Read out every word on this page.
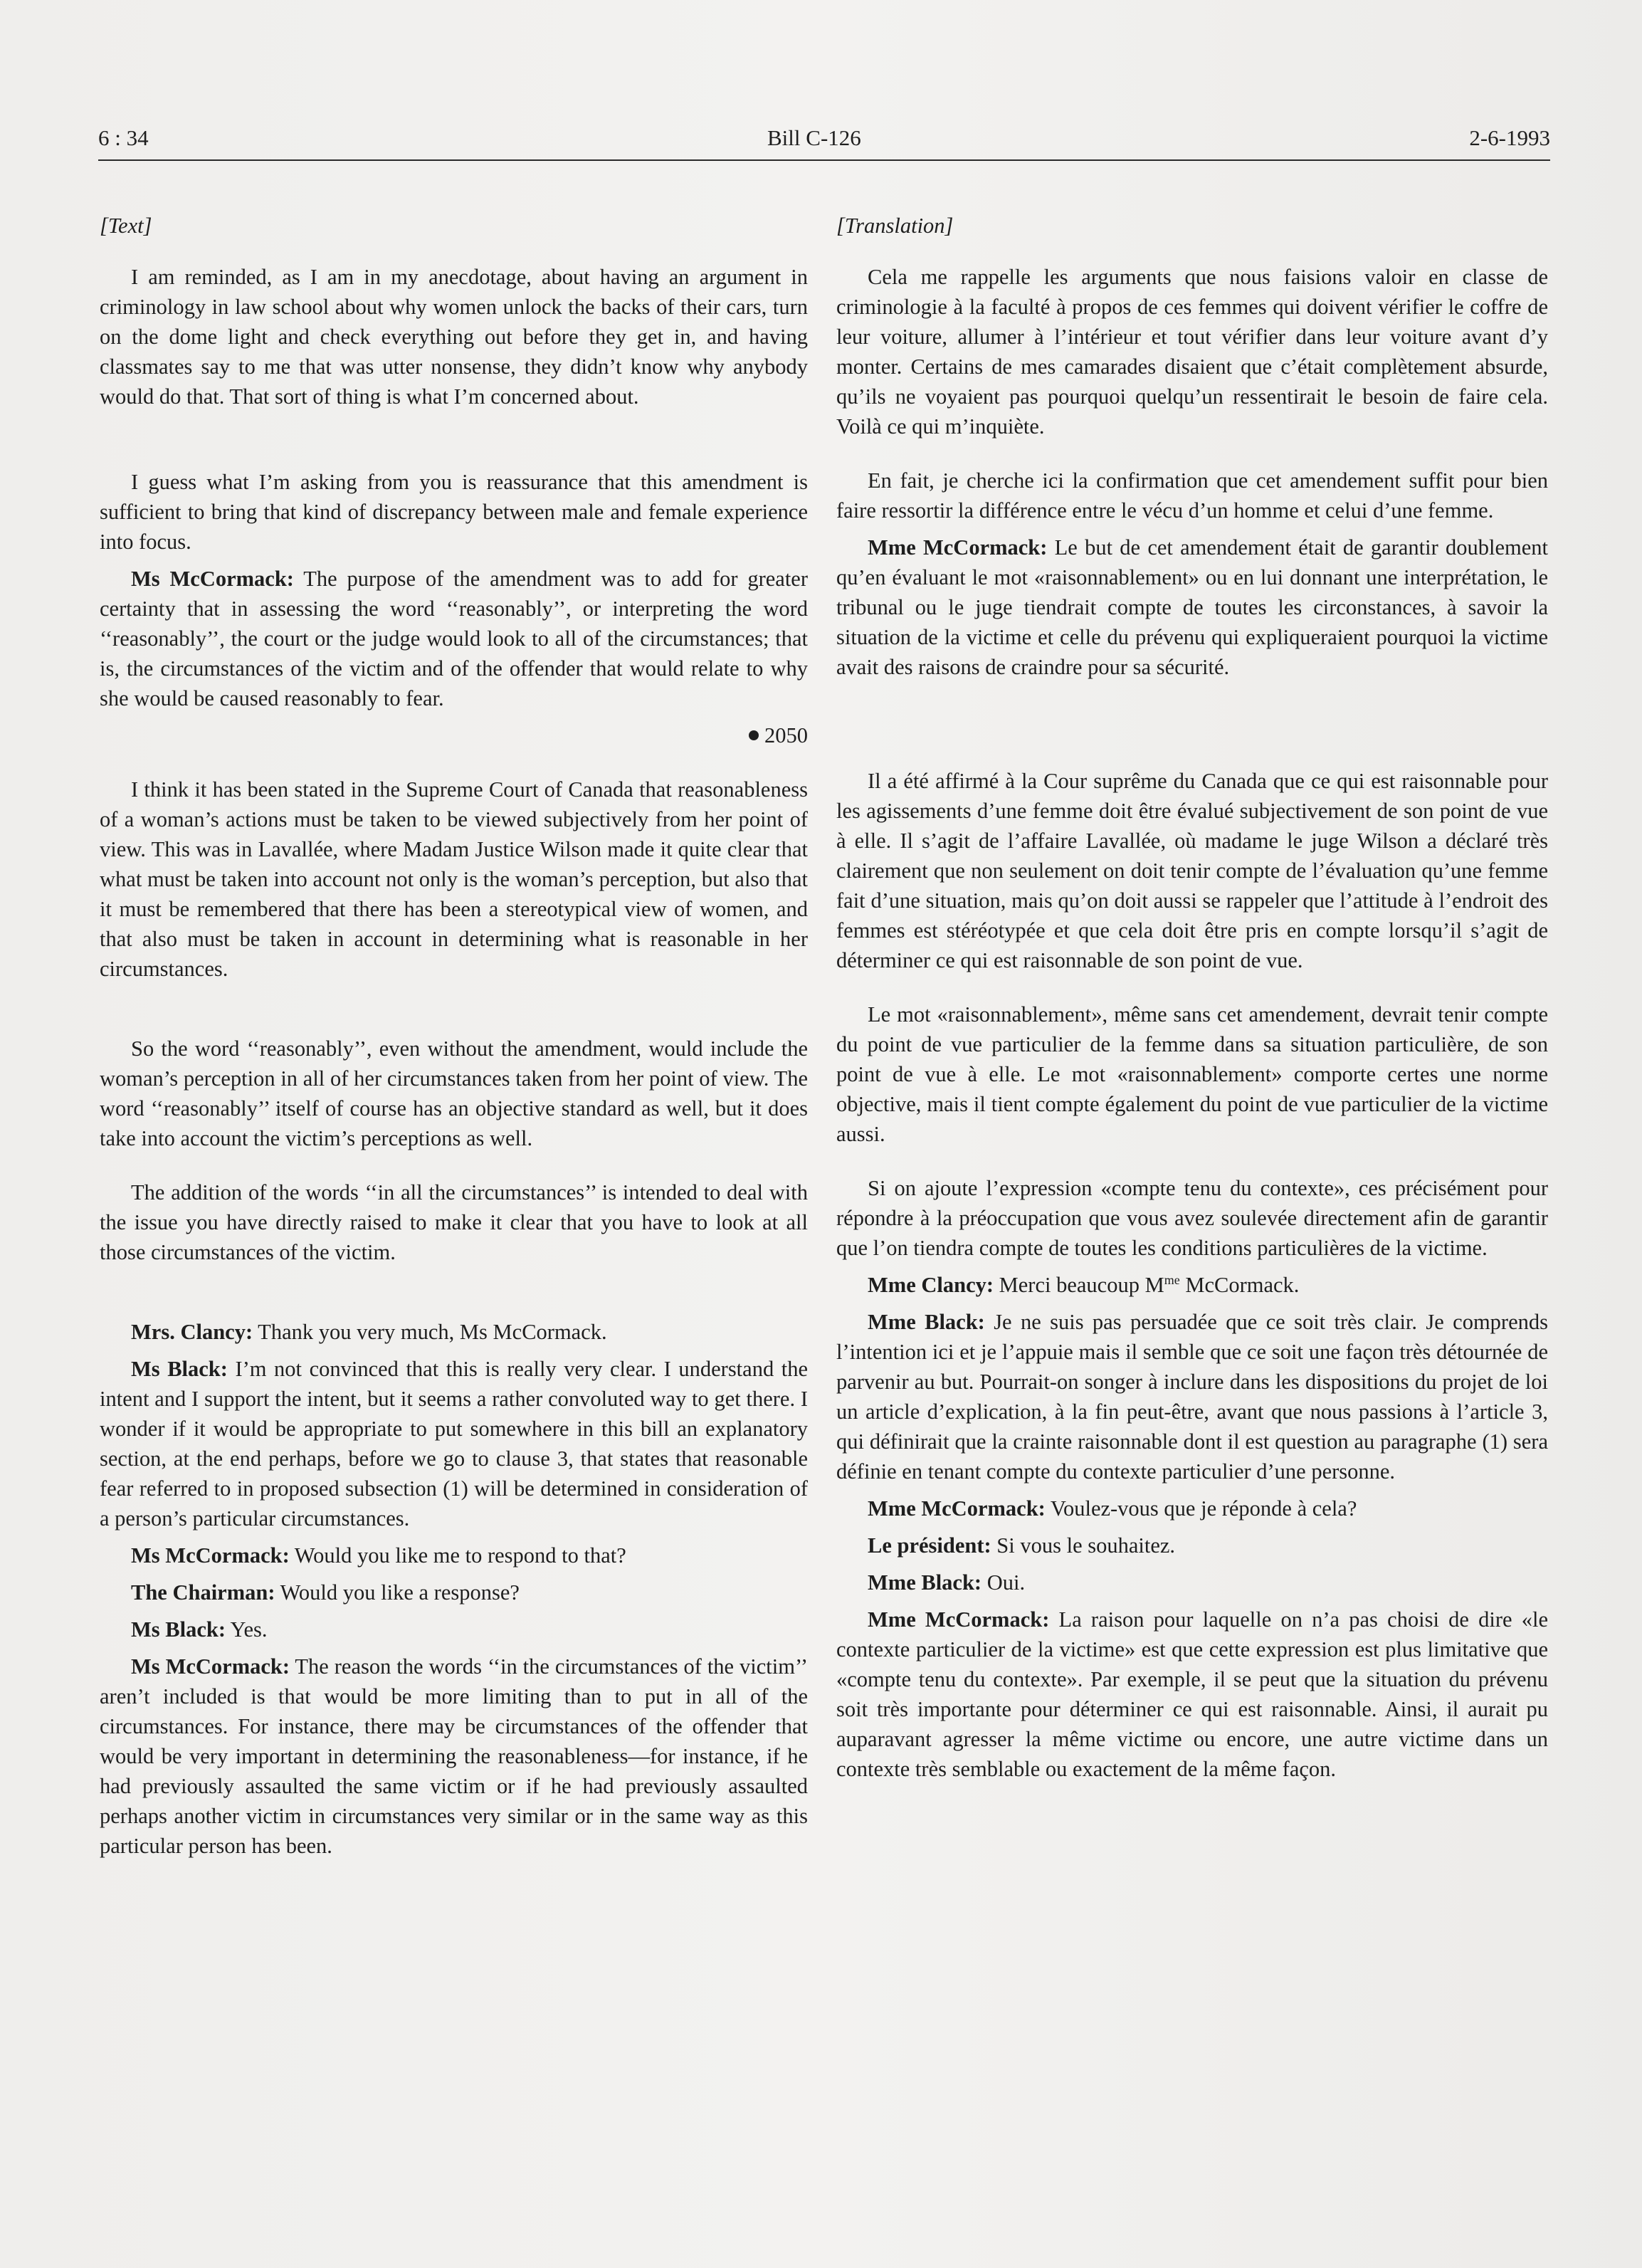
6 : 34	Bill C-126	2-6-1993

[Text]

I am reminded, as I am in my anecdotage, about having an argument in criminology in law school about why women unlock the backs of their cars, turn on the dome light and check everything out before they get in, and having classmates say to me that was utter nonsense, they didn’t know why anybody would do that. That sort of thing is what I’m concerned about.

I guess what I’m asking from you is reassurance that this amendment is sufficient to bring that kind of discrepancy between male and female experience into focus.

Ms McCormack: The purpose of the amendment was to add for greater certainty that in assessing the word ‘‘reasonably’’, or interpreting the word ‘‘reasonably’’, the court or the judge would look to all of the circumstances; that is, the circumstances of the victim and of the offender that would relate to why she would be caused reasonably to fear.

2050

I think it has been stated in the Supreme Court of Canada that reasonableness of a woman’s actions must be taken to be viewed subjectively from her point of view. This was in Lavallée, where Madam Justice Wilson made it quite clear that what must be taken into account not only is the woman’s perception, but also that it must be remembered that there has been a stereotypical view of women, and that also must be taken in account in determining what is reasonable in her circumstances.

So the word ‘‘reasonably’’, even without the amendment, would include the woman’s perception in all of her circumstances taken from her point of view. The word ‘‘reasonably’’ itself of course has an objective standard as well, but it does take into account the victim’s perceptions as well.

The addition of the words ‘‘in all the circumstances’’ is intended to deal with the issue you have directly raised to make it clear that you have to look at all those circumstances of the victim.

Mrs. Clancy: Thank you very much, Ms McCormack.

Ms Black: I’m not convinced that this is really very clear. I understand the intent and I support the intent, but it seems a rather convoluted way to get there. I wonder if it would be appropriate to put somewhere in this bill an explanatory section, at the end perhaps, before we go to clause 3, that states that reasonable fear referred to in proposed subsection (1) will be determined in consideration of a person’s particular circumstances.

Ms McCormack: Would you like me to respond to that?

The Chairman: Would you like a response?

Ms Black: Yes.

Ms McCormack: The reason the words ‘‘in the circumstances of the victim’’ aren’t included is that would be more limiting than to put in all of the circumstances. For instance, there may be circumstances of the offender that would be very important in determining the reasonableness—for instance, if he had previously assaulted the same victim or if he had previously assaulted perhaps another victim in circumstances very similar or in the same way as this particular person has been.

[Translation]

Cela me rappelle les arguments que nous faisions valoir en classe de criminologie à la faculté à propos de ces femmes qui doivent vérifier le coffre de leur voiture, allumer à l’intérieur et tout vérifier dans leur voiture avant d’y monter. Certains de mes camarades disaient que c’était complètement absurde, qu’ils ne voyaient pas pourquoi quelqu’un ressentirait le besoin de faire cela. Voilà ce qui m’inquiète.

En fait, je cherche ici la confirmation que cet amendement suffit pour bien faire ressortir la différence entre le vécu d’un homme et celui d’une femme.

Mme McCormack: Le but de cet amendement était de garantir doublement qu’en évaluant le mot «raisonnablement» ou en lui donnant une interprétation, le tribunal ou le juge tiendrait compte de toutes les circonstances, à savoir la situation de la victime et celle du prévenu qui expliqueraient pourquoi la victime avait des raisons de craindre pour sa sécurité.

Il a été affirmé à la Cour suprême du Canada que ce qui est raisonnable pour les agissements d’une femme doit être évalué subjectivement de son point de vue à elle. Il s’agit de l’affaire Lavallée, où madame le juge Wilson a déclaré très clairement que non seulement on doit tenir compte de l’évaluation qu’une femme fait d’une situation, mais qu’on doit aussi se rappeler que l’attitude à l’endroit des femmes est stéréotypée et que cela doit être pris en compte lorsqu’il s’agit de déterminer ce qui est raisonnable de son point de vue.

Le mot «raisonnablement», même sans cet amendement, devrait tenir compte du point de vue particulier de la femme dans sa situation particulière, de son point de vue à elle. Le mot «raisonnablement» comporte certes une norme objective, mais il tient compte également du point de vue particulier de la victime aussi.

Si on ajoute l’expression «compte tenu du contexte», ces précisément pour répondre à la préoccupation que vous avez soulevée directement afin de garantir que l’on tiendra compte de toutes les conditions particulières de la victime.

Mme Clancy: Merci beaucoup $M^{me}$ McCormack.

Mme Black: Je ne suis pas persuadée que ce soit très clair. Je comprends l’intention ici et je l’appuie mais il semble que ce soit une façon très détournée de parvenir au but. Pourrait-on songer à inclure dans les dispositions du projet de loi un article d’explication, à la fin peut-être, avant que nous passions à l’article 3, qui définirait que la crainte raisonnable dont il est question au paragraphe (1) sera définie en tenant compte du contexte particulier d’une personne.

Mme McCormack: Voulez-vous que je réponde à cela?

Le président: Si vous le souhaitez.

Mme Black: Oui.

Mme McCormack: La raison pour laquelle on n’a pas choisi de dire «le contexte particulier de la victime» est que cette expression est plus limitative que «compte tenu du contexte». Par exemple, il se peut que la situation du prévenu soit très importante pour déterminer ce qui est raisonnable. Ainsi, il aurait pu auparavant agresser la même victime ou encore, une autre victime dans un contexte très semblable ou exactement de la même façon.
